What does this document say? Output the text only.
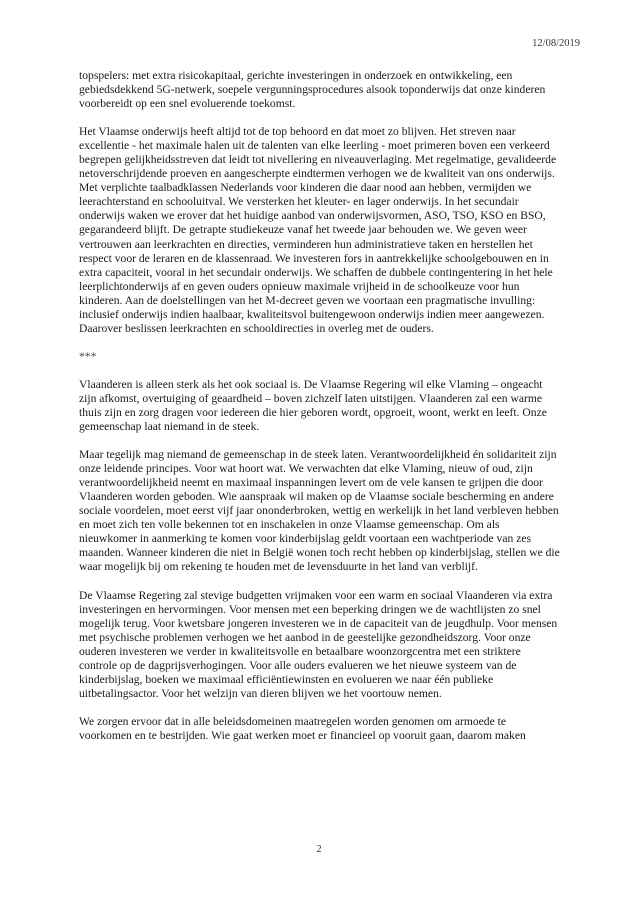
12/08/2019

topspelers: met extra risicokapitaal, gerichte investeringen in onderzoek en ontwikkeling, een gebiedsdekkend 5G-netwerk, soepele vergunningsprocedures alsook toponderwijs dat onze kinderen voorbereidt op een snel evoluerende toekomst.

Het Vlaamse onderwijs heeft altijd tot de top behoord en dat moet zo blijven. Het streven naar excellentie - het maximale halen uit de talenten van elke leerling - moet primeren boven een verkeerd begrepen gelijkheidsstreven dat leidt tot nivellering en niveauverlaging. Met regelmatige, gevalideerde netoverschrijdende proeven en aangescherpte eindtermen verhogen we de kwaliteit van ons onderwijs. Met verplichte taalbadklassen Nederlands voor kinderen die daar nood aan hebben, vermijden we leerachterstand en schooluitval. We versterken het kleuter- en lager onderwijs. In het secundair onderwijs waken we erover dat het huidige aanbod van onderwijsvormen, ASO, TSO, KSO en BSO, gegarandeerd blijft. De getrapte studiekeuze vanaf het tweede jaar behouden we. We geven weer vertrouwen aan leerkrachten en directies, verminderen hun administratieve taken en herstellen het respect voor de leraren en de klassenraad. We investeren fors in aantrekkelijke schoolgebouwen en in extra capaciteit, vooral in het secundair onderwijs. We schaffen de dubbele contingentering in het hele leerplichtonderwijs af en geven ouders opnieuw maximale vrijheid in de schoolkeuze voor hun kinderen. Aan de doelstellingen van het M-decreet geven we voortaan een pragmatische invulling: inclusief onderwijs indien haalbaar, kwaliteitsvol buitengewoon onderwijs indien meer aangewezen. Daarover beslissen leerkrachten en schooldirecties in overleg met de ouders.

***

Vlaanderen is alleen sterk als het ook sociaal is. De Vlaamse Regering wil elke Vlaming – ongeacht zijn afkomst, overtuiging of geaardheid – boven zichzelf laten uitstijgen. Vlaanderen zal een warme thuis zijn en zorg dragen voor iedereen die hier geboren wordt, opgroeit, woont, werkt en leeft. Onze gemeenschap laat niemand in de steek.

Maar tegelijk mag niemand de gemeenschap in de steek laten. Verantwoordelijkheid én solidariteit zijn onze leidende principes. Voor wat hoort wat. We verwachten dat elke Vlaming, nieuw of oud, zijn verantwoordelijkheid neemt en maximaal inspanningen levert om de vele kansen te grijpen die door Vlaanderen worden geboden. Wie aanspraak wil maken op de Vlaamse sociale bescherming en andere sociale voordelen, moet eerst vijf jaar ononderbroken, wettig en werkelijk in het land verbleven hebben en moet zich ten volle bekennen tot en inschakelen in onze Vlaamse gemeenschap. Om als nieuwkomer in aanmerking te komen voor kinderbijslag geldt voortaan een wachtperiode van zes maanden. Wanneer kinderen die niet in België wonen toch recht hebben op kinderbijslag, stellen we die waar mogelijk bij om rekening te houden met de levensduurte in het land van verblijf.

De Vlaamse Regering zal stevige budgetten vrijmaken voor een warm en sociaal Vlaanderen via extra investeringen en hervormingen. Voor mensen met een beperking dringen we de wachtlijsten zo snel mogelijk terug. Voor kwetsbare jongeren investeren we in de capaciteit van de jeugdhulp. Voor mensen met psychische problemen verhogen we het aanbod in de geestelijke gezondheidszorg. Voor onze ouderen investeren we verder in kwaliteitsvolle en betaalbare woonzorgcentra met een striktere controle op de dagprijsverhogingen. Voor alle ouders evalueren we het nieuwe systeem van de kinderbijslag, boeken we maximaal efficiëntiewinsten en evolueren we naar één publieke uitbetalingsactor. Voor het welzijn van dieren blijven we het voortouw nemen.

We zorgen ervoor dat in alle beleidsdomeinen maatregelen worden genomen om armoede te voorkomen en te bestrijden. Wie gaat werken moet er financieel op vooruit gaan, daarom maken

2
